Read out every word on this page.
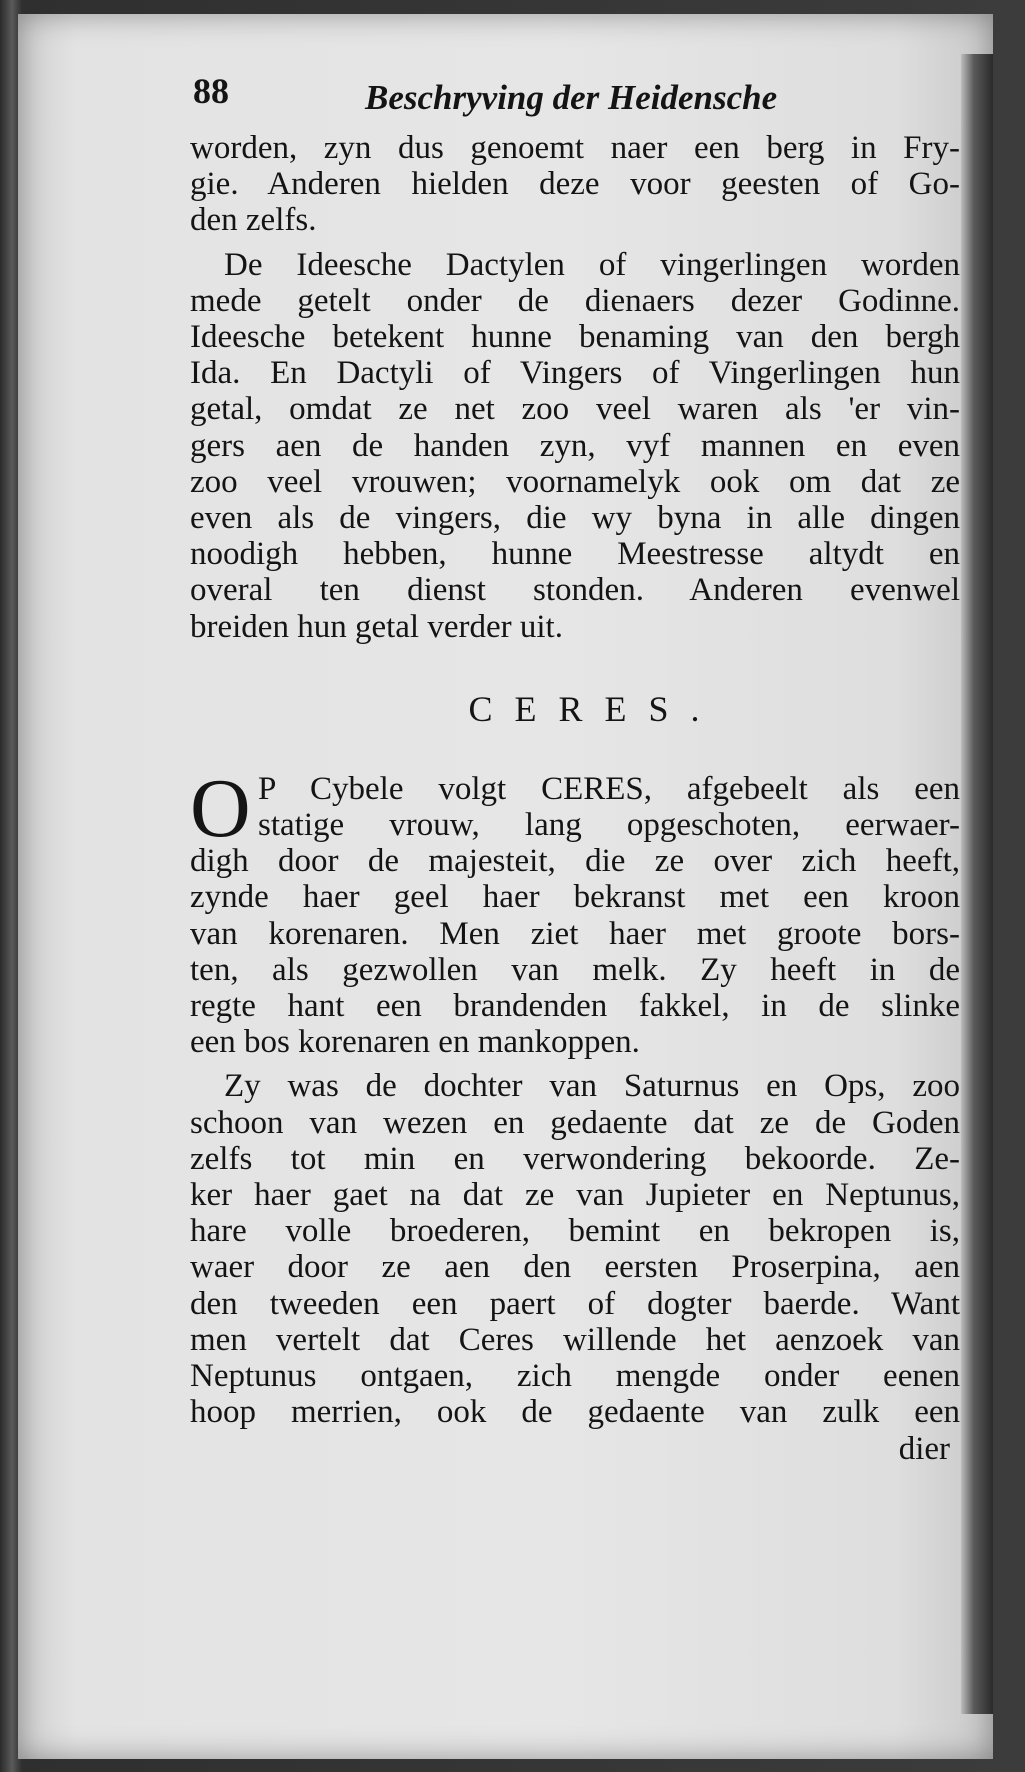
88	Beschryving der Heidensche
worden, zyn dus genoemt naer een berg in Fry-
gie. Anderen hielden deze voor geesten of Go-
den zelfs.
De Ideesche Dactylen of vingerlingen worden
mede getelt onder de dienaers dezer Godinne.
Ideesche betekent hunne benaming van den bergh
Ida. En Dactyli of Vingers of Vingerlingen hun
getal, omdat ze net zoo veel waren als 'er vin-
gers aen de handen zyn, vyf mannen en even
zoo veel vrouwen; voornamelyk ook om dat ze
even als de vingers, die wy byna in alle dingen
noodigh hebben, hunne Meestresse altydt en
overal ten dienst stonden. Anderen evenwel
breiden hun getal verder uit.
CERES.
O P Cybele volgt CERES, afgebeelt als een
statige vrouw, lang opgeschoten, eerwaer-
digh door de majesteit, die ze over zich heeft,
zynde haer geel haer bekranst met een kroon
van korenaren. Men ziet haer met groote bors-
ten, als gezwollen van melk. Zy heeft in de
regte hant een brandenden fakkel, in de slinke
een bos korenaren en mankoppen.
Zy was de dochter van Saturnus en Ops, zoo
schoon van wezen en gedaente dat ze de Goden
zelfs tot min en verwondering bekoorde. Ze-
ker haer gaet na dat ze van Jupieter en Neptunus,
hare volle broederen, bemint en bekropen is,
waer door ze aen den eersten Proserpina, aen
den tweeden een paert of dogter baerde. Want
men vertelt dat Ceres willende het aenzoek van
Neptunus ontgaen, zich mengde onder eenen
hoop merrien, ook de gedaente van zulk een
dier
